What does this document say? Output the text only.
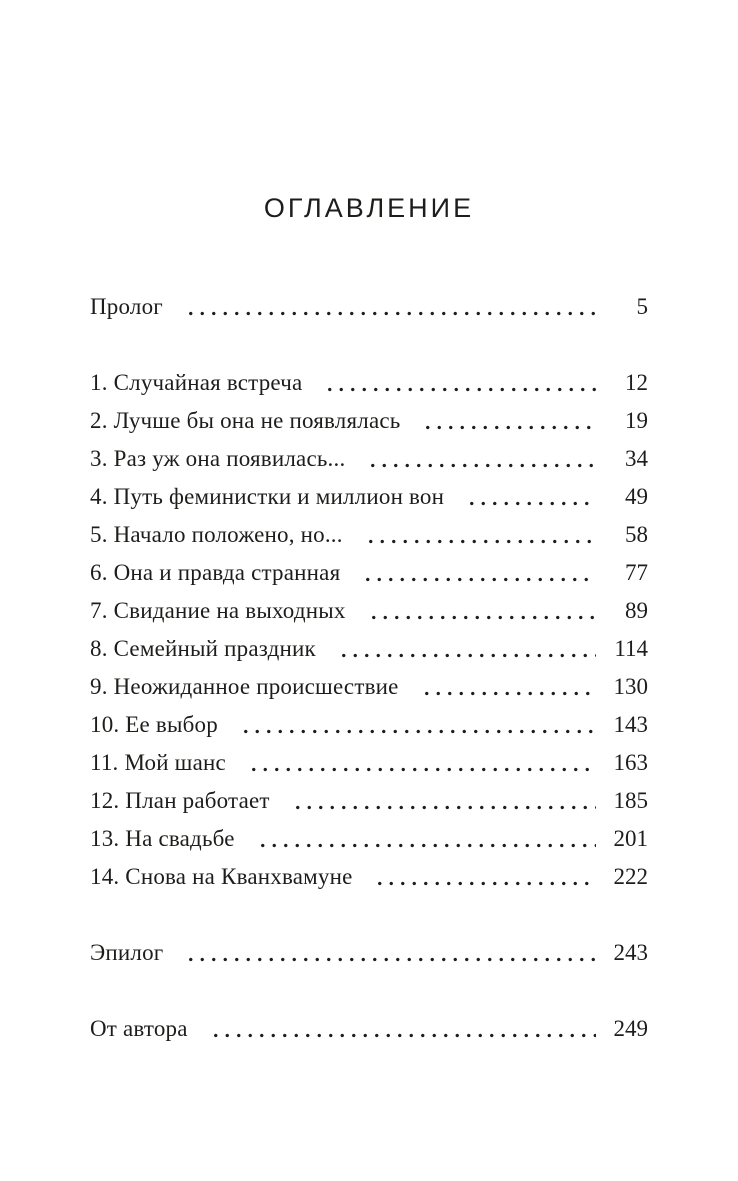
ОГЛАВЛЕНИЕ
Пролог	5
1. Случайная встреча	12
2. Лучше бы она не появлялась	19
3. Раз уж она появилась...	34
4. Путь феминистки и миллион вон	49
5. Начало положено, но...	58
6. Она и правда странная	77
7. Свидание на выходных	89
8. Семейный праздник	114
9. Неожиданное происшествие	130
10. Ее выбор	143
11. Мой шанс	163
12. План работает	185
13. На свадьбе	201
14. Снова на Кванхвамуне	222
Эпилог	243
От автора	249
